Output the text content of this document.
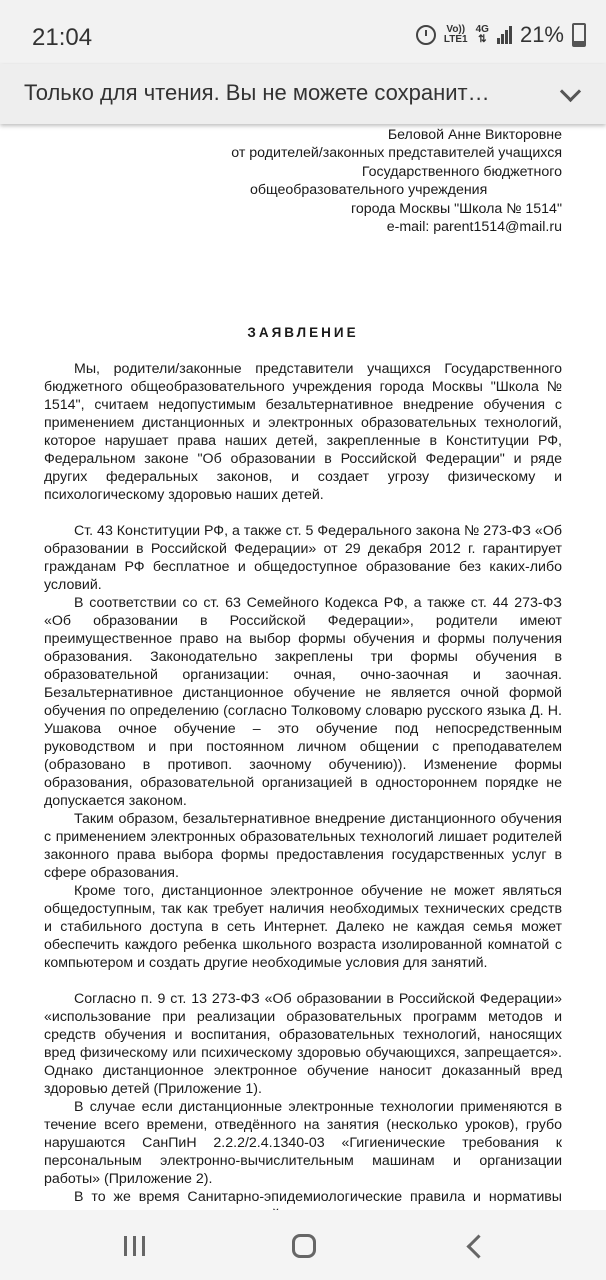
21:04	Vo))
LTE1
4G
⇅ 21%
Только для чтения. Вы не можете сохранит…
Беловой Анне Викторовне
от родителей/законных представителей учащихся
Государственного бюджетного
общеобразовательного учреждения
города Москвы "Школа № 1514"
e-mail: parent1514@mail.ru
ЗАЯВЛЕНИЕ

Мы, родители/законные представители учащихся Государственного бюджетного общеобразовательного учреждения города Москвы "Школа № 1514", считаем недопустимым безальтернативное внедрение обучения с применением дистанционных и электронных образовательных технологий, которое нарушает права наших детей, закрепленные в Конституции РФ, Федеральном законе "Об образовании в Российской Федерации" и ряде других федеральных законов, и создает угрозу физическому и психологическому здоровью наших детей.

Ст. 43 Конституции РФ, а также ст. 5 Федерального закона № 273-ФЗ «Об образовании в Российской Федерации» от 29 декабря 2012 г. гарантирует гражданам РФ бесплатное и общедоступное образование без каких-либо условий.

В соответствии со ст. 63 Семейного Кодекса РФ, а также ст. 44 273-ФЗ «Об образовании в Российской Федерации», родители имеют преимущественное право на выбор формы обучения и формы получения образования. Законодательно закреплены три формы обучения в образовательной организации: очная, очно-заочная и заочная. Безальтернативное дистанционное обучение не является очной формой обучения по определению (согласно Толковому словарю русского языка Д. Н. Ушакова очное обучение – это обучение под непосредственным руководством и при постоянном личном общении с преподавателем (образовано в противоп. заочному обучению)). Изменение формы образования, образовательной организацией в одностороннем порядке не допускается законом.

Таким образом, безальтернативное внедрение дистанционного обучения с применением электронных образовательных технологий лишает родителей законного права выбора формы предоставления государственных услуг в сфере образования.

Кроме того, дистанционное электронное обучение не может являться общедоступным, так как требует наличия необходимых технических средств и стабильного доступа в сеть Интернет. Далеко не каждая семья может обеспечить каждого ребенка школьного возраста изолированной комнатой с компьютером и создать другие необходимые условия для занятий.

Согласно п. 9 ст. 13 273-ФЗ «Об образовании в Российской Федерации» «использование при реализации образовательных программ методов и средств обучения и воспитания, образовательных технологий, наносящих вред физическому или психическому здоровью обучающихся, запрещается». Однако дистанционное электронное обучение наносит доказанный вред здоровью детей (Приложение 1).

В случае если дистанционные электронные технологии применяются в течение всего времени, отведённого на занятия (несколько уроков), грубо нарушаются СанПиН 2.2.2/2.4.1340-03 «Гигиенические требования к персональным электронно-вычислительным машинам и организации работы» (Приложение 2).

В то же время Санитарно-эпидемиологические правила и нормативы
